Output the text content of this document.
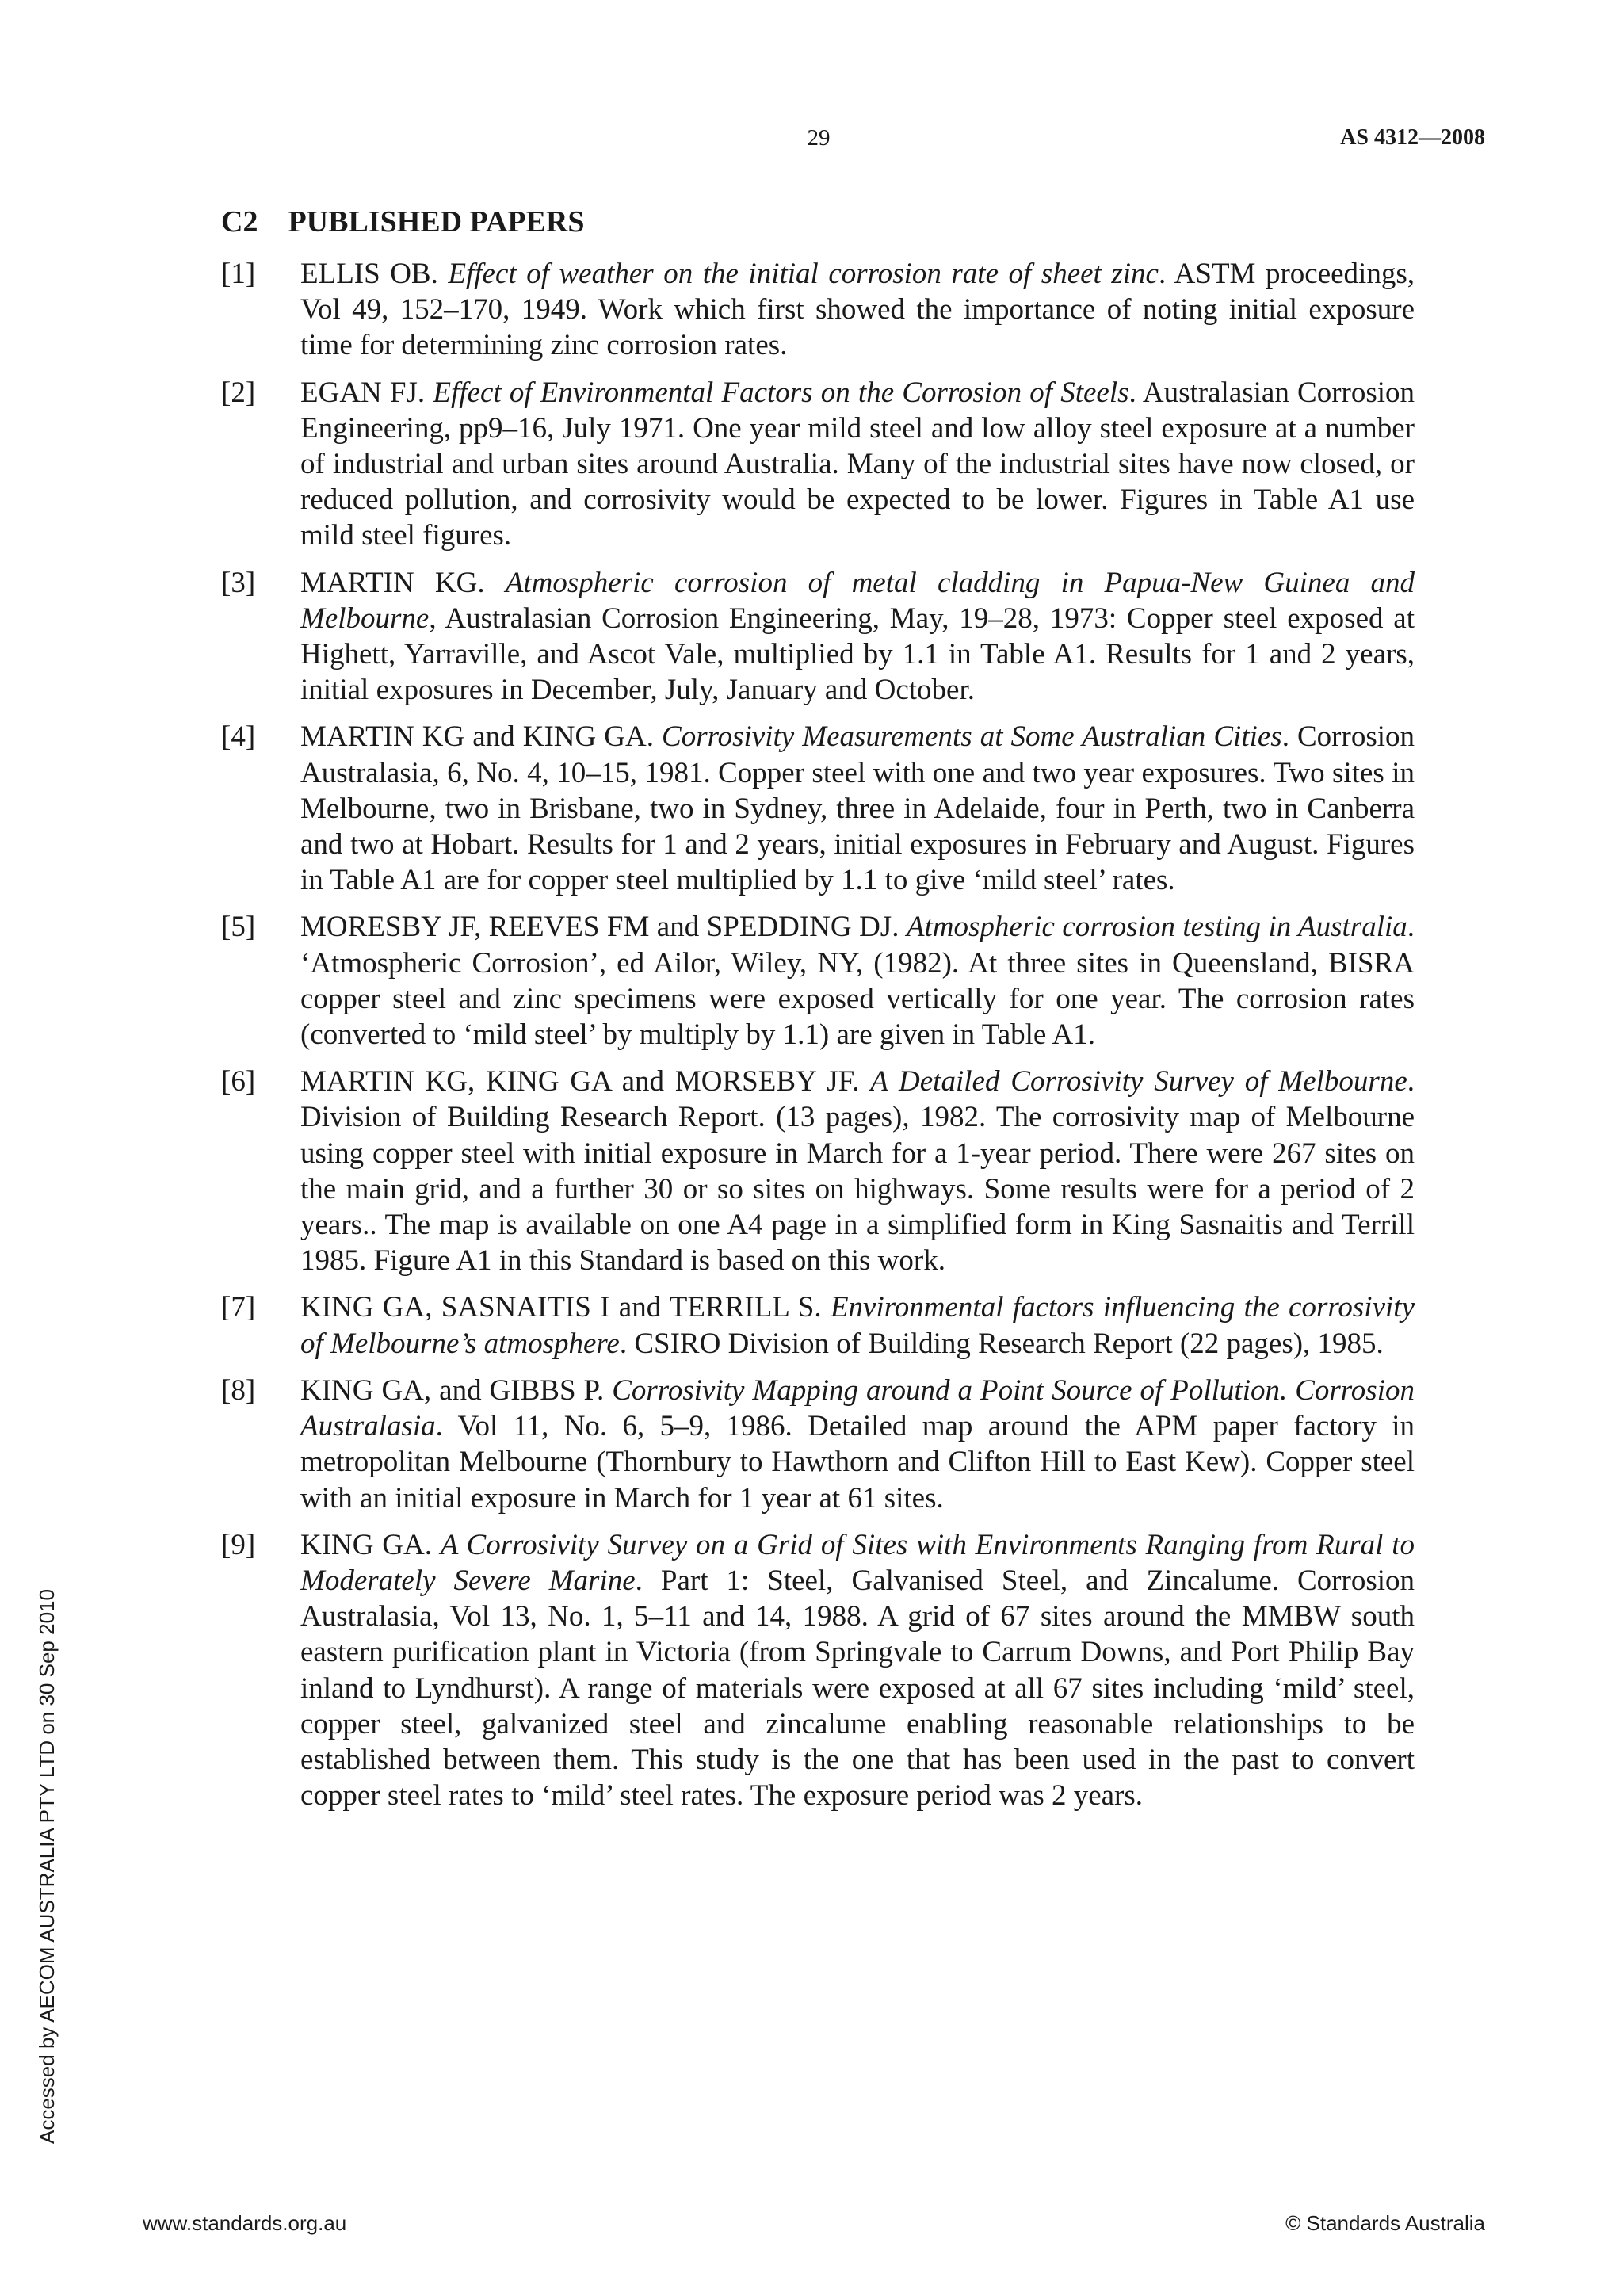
29	AS 4312—2008
C2 PUBLISHED PAPERS
[1]	ELLIS OB. Effect of weather on the initial corrosion rate of sheet zinc. ASTM proceedings, Vol 49, 152–170, 1949. Work which first showed the importance of noting initial exposure time for determining zinc corrosion rates.
[2]	EGAN FJ. Effect of Environmental Factors on the Corrosion of Steels. Australasian Corrosion Engineering, pp9–16, July 1971. One year mild steel and low alloy steel exposure at a number of industrial and urban sites around Australia. Many of the industrial sites have now closed, or reduced pollution, and corrosivity would be expected to be lower. Figures in Table A1 use mild steel figures.
[3]	MARTIN KG. Atmospheric corrosion of metal cladding in Papua-New Guinea and Melbourne, Australasian Corrosion Engineering, May, 19–28, 1973: Copper steel exposed at Highett, Yarraville, and Ascot Vale, multiplied by 1.1 in Table A1. Results for 1 and 2 years, initial exposures in December, July, January and October.
[4]	MARTIN KG and KING GA. Corrosivity Measurements at Some Australian Cities. Corrosion Australasia, 6, No. 4, 10–15, 1981. Copper steel with one and two year exposures. Two sites in Melbourne, two in Brisbane, two in Sydney, three in Adelaide, four in Perth, two in Canberra and two at Hobart. Results for 1 and 2 years, initial exposures in February and August. Figures in Table A1 are for copper steel multiplied by 1.1 to give ‘mild steel’ rates.
[5]	MORESBY JF, REEVES FM and SPEDDING DJ. Atmospheric corrosion testing in Australia. ‘Atmospheric Corrosion’, ed Ailor, Wiley, NY, (1982). At three sites in Queensland, BISRA copper steel and zinc specimens were exposed vertically for one year. The corrosion rates (converted to ‘mild steel’ by multiply by 1.1) are given in Table A1.
[6]	MARTIN KG, KING GA and MORSEBY JF. A Detailed Corrosivity Survey of Melbourne. Division of Building Research Report. (13 pages), 1982. The corrosivity map of Melbourne using copper steel with initial exposure in March for a 1-year period. There were 267 sites on the main grid, and a further 30 or so sites on highways. Some results were for a period of 2 years.. The map is available on one A4 page in a simplified form in King Sasnaitis and Terrill 1985. Figure A1 in this Standard is based on this work.
[7]	KING GA, SASNAITIS I and TERRILL S. Environmental factors influencing the corrosivity of Melbourne’s atmosphere. CSIRO Division of Building Research Report (22 pages), 1985.
[8]	KING GA, and GIBBS P. Corrosivity Mapping around a Point Source of Pollution. Corrosion Australasia. Vol 11, No. 6, 5–9, 1986. Detailed map around the APM paper factory in metropolitan Melbourne (Thornbury to Hawthorn and Clifton Hill to East Kew). Copper steel with an initial exposure in March for 1 year at 61 sites.
[9]	KING GA. A Corrosivity Survey on a Grid of Sites with Environments Ranging from Rural to Moderately Severe Marine. Part 1: Steel, Galvanised Steel, and Zincalume. Corrosion Australasia, Vol 13, No. 1, 5–11 and 14, 1988. A grid of 67 sites around the MMBW south eastern purification plant in Victoria (from Springvale to Carrum Downs, and Port Philip Bay inland to Lyndhurst). A range of materials were exposed at all 67 sites including ‘mild’ steel, copper steel, galvanized steel and zincalume enabling reasonable relationships to be established between them. This study is the one that has been used in the past to convert copper steel rates to ‘mild’ steel rates. The exposure period was 2 years.
Accessed by AECOM AUSTRALIA PTY LTD on 30 Sep 2010
www.standards.org.au	© Standards Australia
